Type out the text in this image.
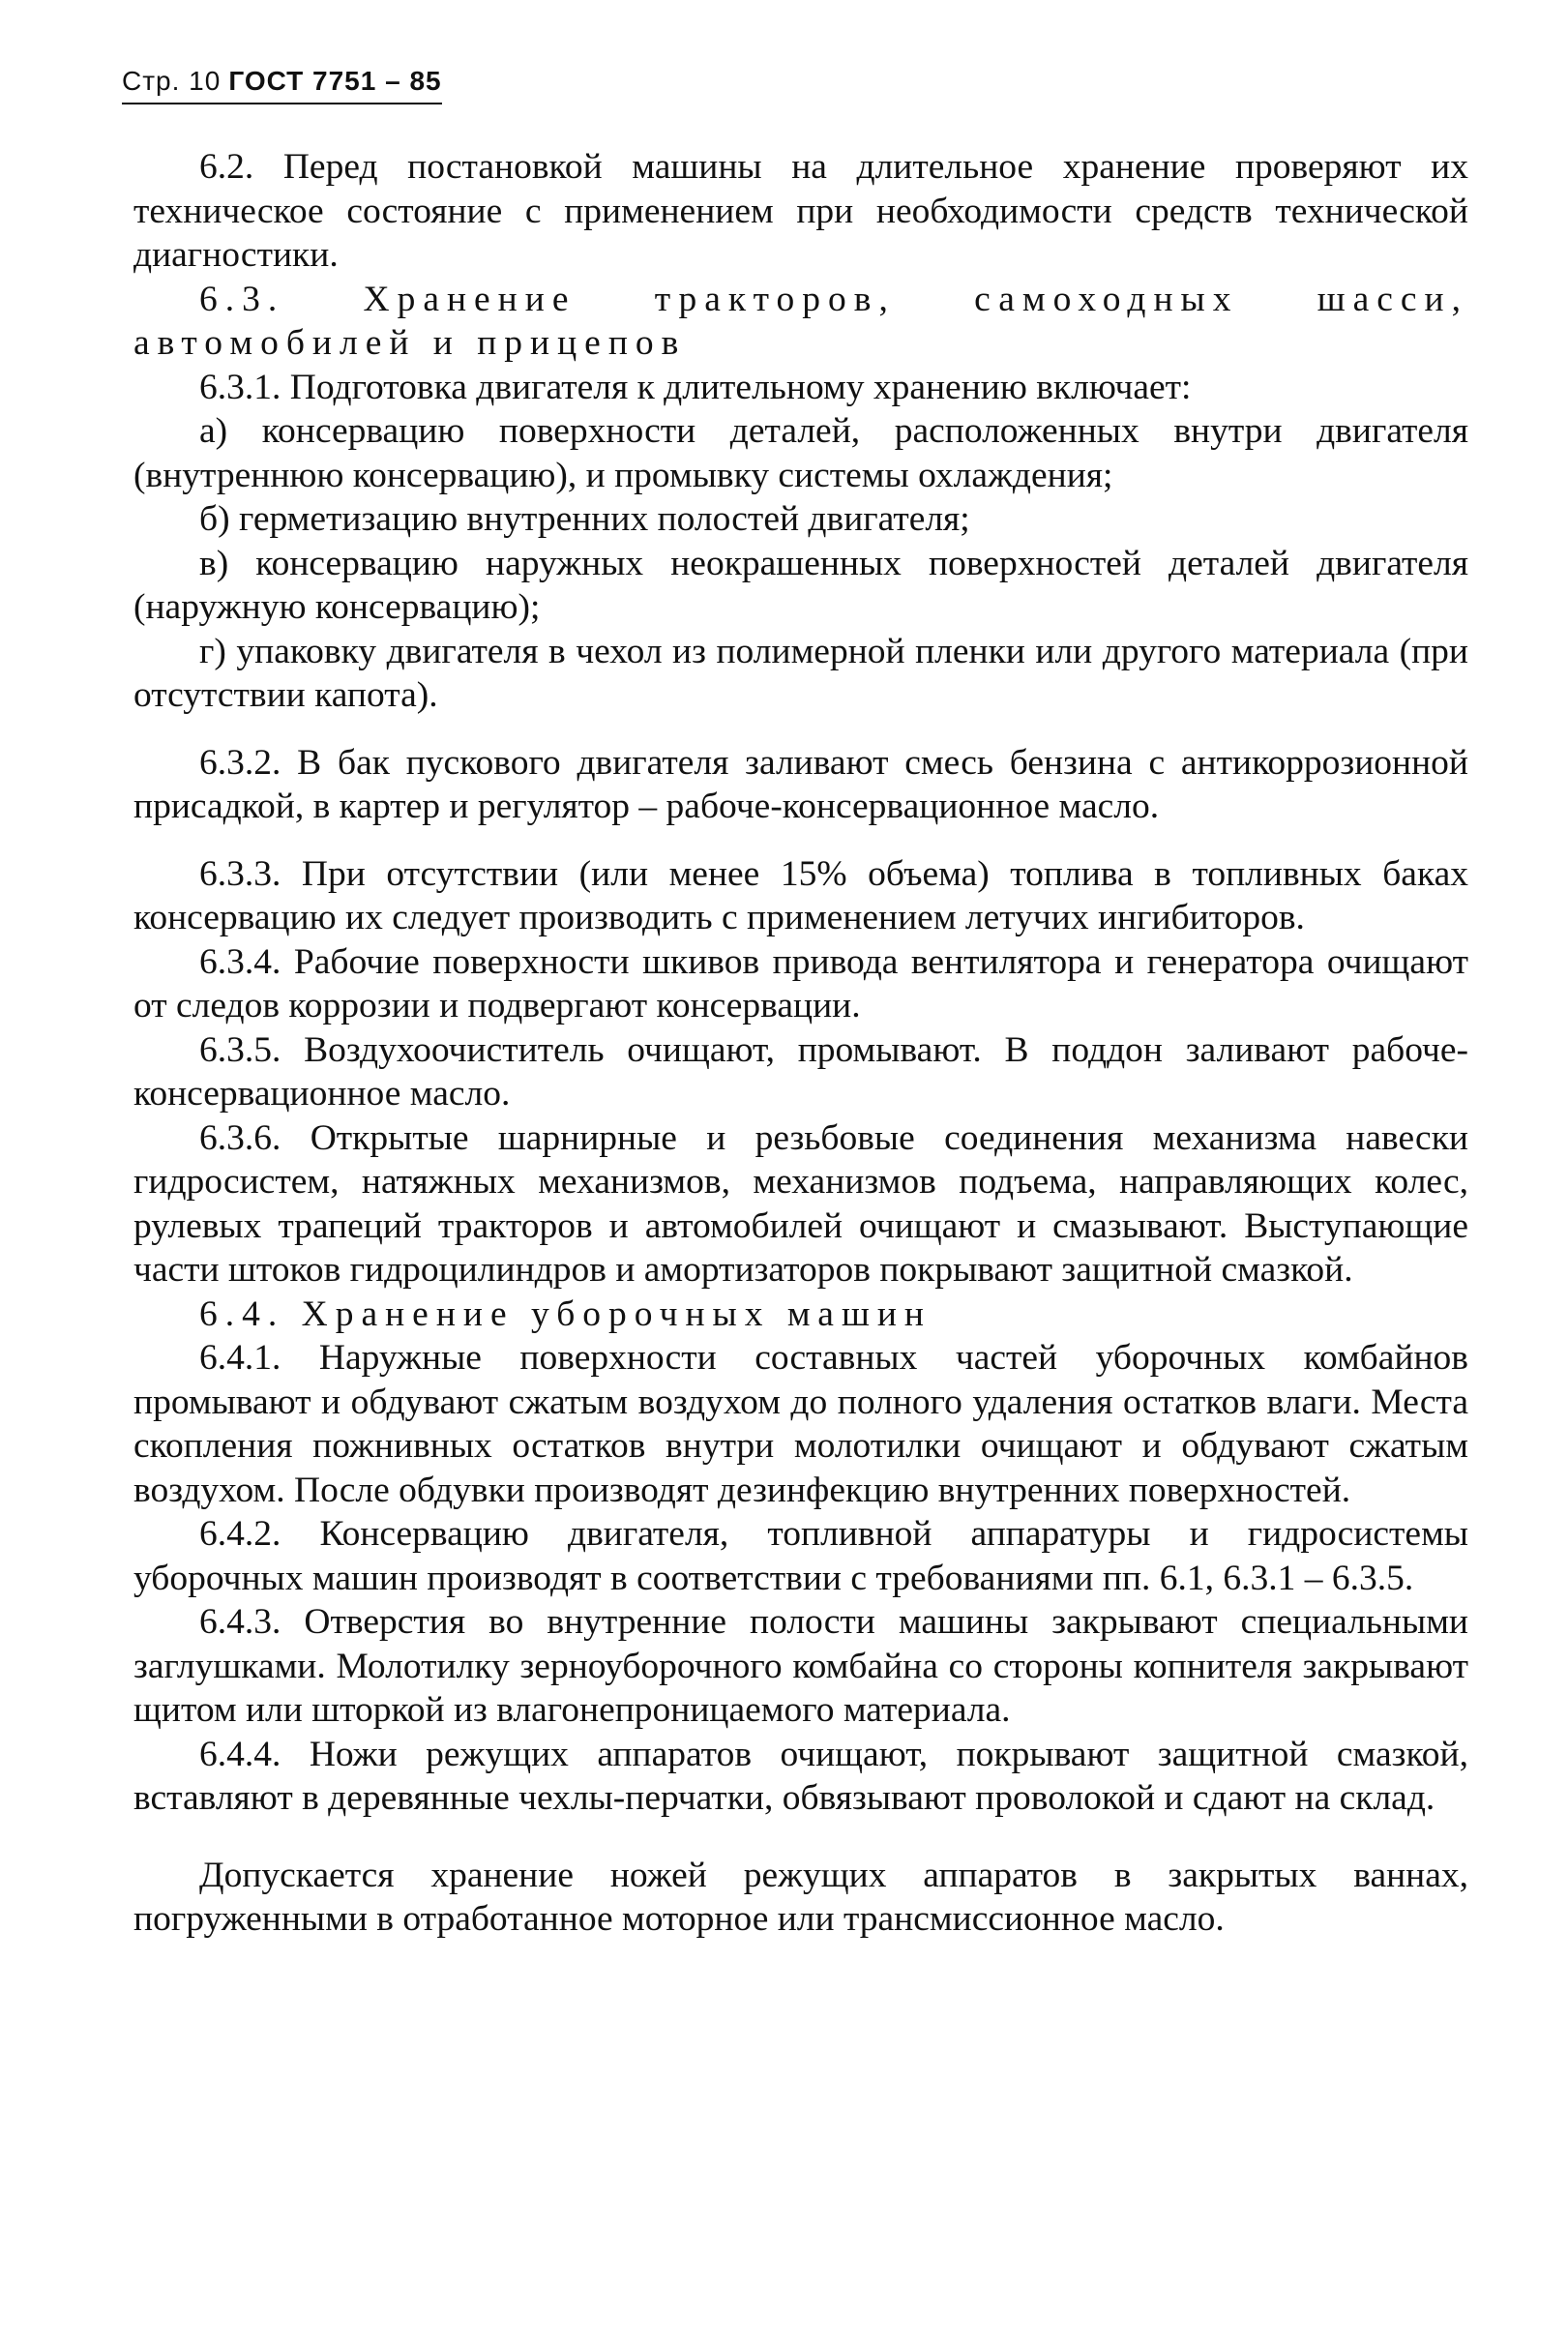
Стр. 10 ГОСТ 7751 – 85

6.2. Перед постановкой машины на длительное хранение проверяют их техническое состояние с применением при необходимости средств технической диагностики.

6.3. Хранение тракторов, самоходных шасси, автомобилей и прицепов

6.3.1. Подготовка двигателя к длительному хранению включает:

а) консервацию поверхности деталей, расположенных внутри двигателя (внутреннюю консервацию), и промывку системы охлаждения;

б) герметизацию внутренних полостей двигателя;

в) консервацию наружных неокрашенных поверхностей деталей двигателя (наружную консервацию);

г) упаковку двигателя в чехол из полимерной пленки или другого материала (при отсутствии капота).

6.3.2. В бак пускового двигателя заливают смесь бензина с антикоррозионной присадкой, в картер и регулятор – рабоче-консервационное масло.

6.3.3. При отсутствии (или менее 15% объема) топлива в топливных баках консервацию их следует производить с применением летучих ингибиторов.

6.3.4. Рабочие поверхности шкивов привода вентилятора и генератора очищают от следов коррозии и подвергают консервации.

6.3.5. Воздухоочиститель очищают, промывают. В поддон заливают рабоче-консервационное масло.

6.3.6. Открытые шарнирные и резьбовые соединения механизма навески гидросистем, натяжных механизмов, механизмов подъема, направляющих колес, рулевых трапеций тракторов и автомобилей очищают и смазывают. Выступающие части штоков гидроцилиндров и амортизаторов покрывают защитной смазкой.

6.4. Хранение уборочных машин

6.4.1. Наружные поверхности составных частей уборочных комбайнов промывают и обдувают сжатым воздухом до полного удаления остатков влаги. Места скопления пожнивных остатков внутри молотилки очищают и обдувают сжатым воздухом. После обдувки производят дезинфекцию внутренних поверхностей.

6.4.2. Консервацию двигателя, топливной аппаратуры и гидросистемы уборочных машин производят в соответствии с требованиями пп. 6.1, 6.3.1 – 6.3.5.

6.4.3. Отверстия во внутренние полости машины закрывают специальными заглушками. Молотилку зерноуборочного комбайна со стороны копнителя закрывают щитом или шторкой из влагонепроницаемого материала.

6.4.4. Ножи режущих аппаратов очищают, покрывают защитной смазкой, вставляют в деревянные чехлы-перчатки, обвязывают проволокой и сдают на склад.

Допускается хранение ножей режущих аппаратов в закрытых ваннах, погруженными в отработанное моторное или трансмиссионное масло.
